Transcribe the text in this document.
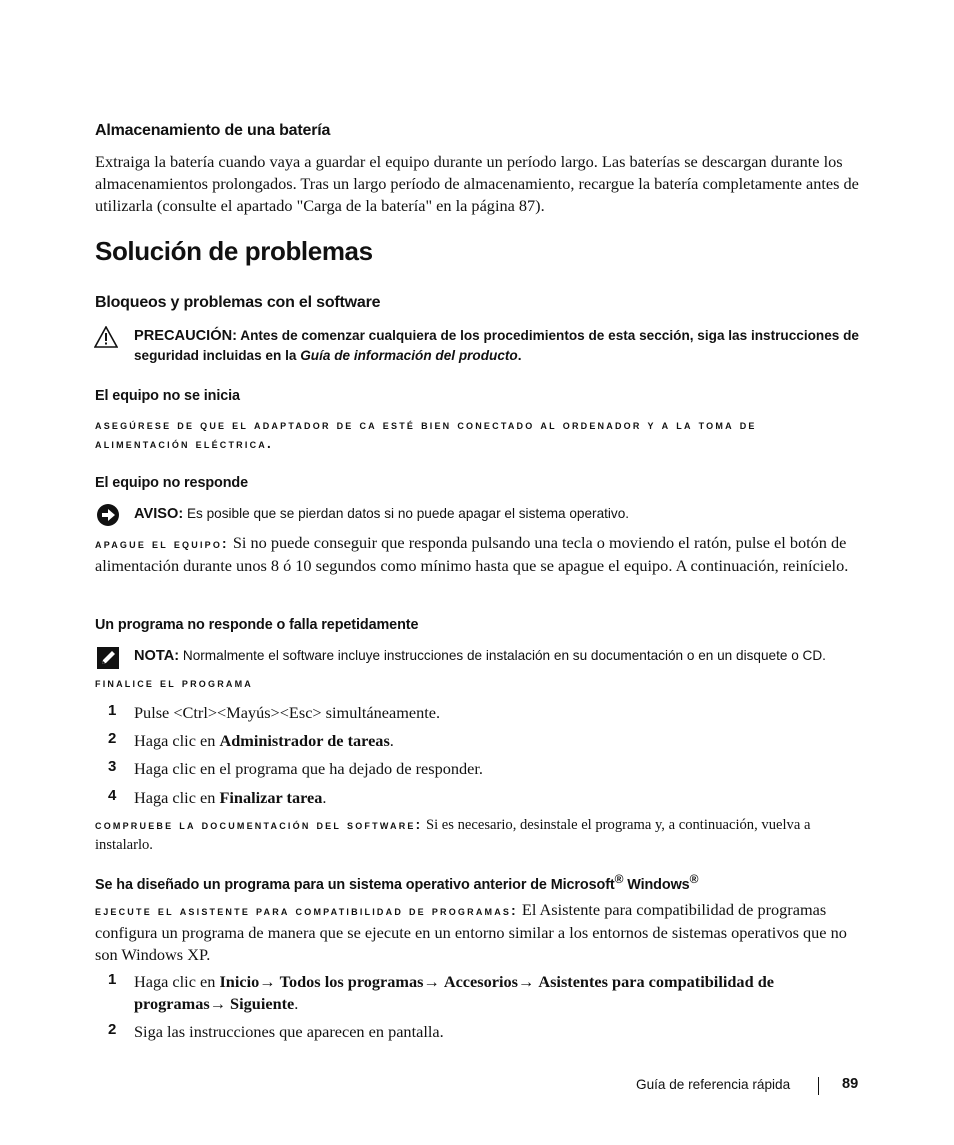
Almacenamiento de una batería
Extraiga la batería cuando vaya a guardar el equipo durante un período largo. Las baterías se descargan durante los almacenamientos prolongados. Tras un largo período de almacenamiento, recargue la batería completamente antes de utilizarla (consulte el apartado "Carga de la batería" en la página 87).
Solución de problemas
Bloqueos y problemas con el software
PRECAUCIÓN: Antes de comenzar cualquiera de los procedimientos de esta sección, siga las instrucciones de seguridad incluidas en la Guía de información del producto.
El equipo no se inicia
asegúrese de que el adaptador de ca esté bien conectado al ordenador y a la toma de alimentación eléctrica.
El equipo no responde
AVISO: Es posible que se pierdan datos si no puede apagar el sistema operativo.
apague el equipo: Si no puede conseguir que responda pulsando una tecla o moviendo el ratón, pulse el botón de alimentación durante unos 8 ó 10 segundos como mínimo hasta que se apague el equipo. A continuación, reinícielo.
Un programa no responde o falla repetidamente
NOTA: Normalmente el software incluye instrucciones de instalación en su documentación o en un disquete o CD.
finalice el programa
1 Pulse <Ctrl><Mayús><Esc> simultáneamente.
2 Haga clic en Administrador de tareas.
3 Haga clic en el programa que ha dejado de responder.
4 Haga clic en Finalizar tarea.
compruebe la documentación del software: Si es necesario, desinstale el programa y, a continuación, vuelva a instalarlo.
Se ha diseñado un programa para un sistema operativo anterior de Microsoft® Windows®
ejecute el asistente para compatibilidad de programas: El Asistente para compatibilidad de programas configura un programa de manera que se ejecute en un entorno similar a los entornos de sistemas operativos que no son Windows XP.
1 Haga clic en Inicio→ Todos los programas→ Accesorios→ Asistentes para compatibilidad de programas→ Siguiente.
2 Siga las instrucciones que aparecen en pantalla.
Guía de referencia rápida	89
